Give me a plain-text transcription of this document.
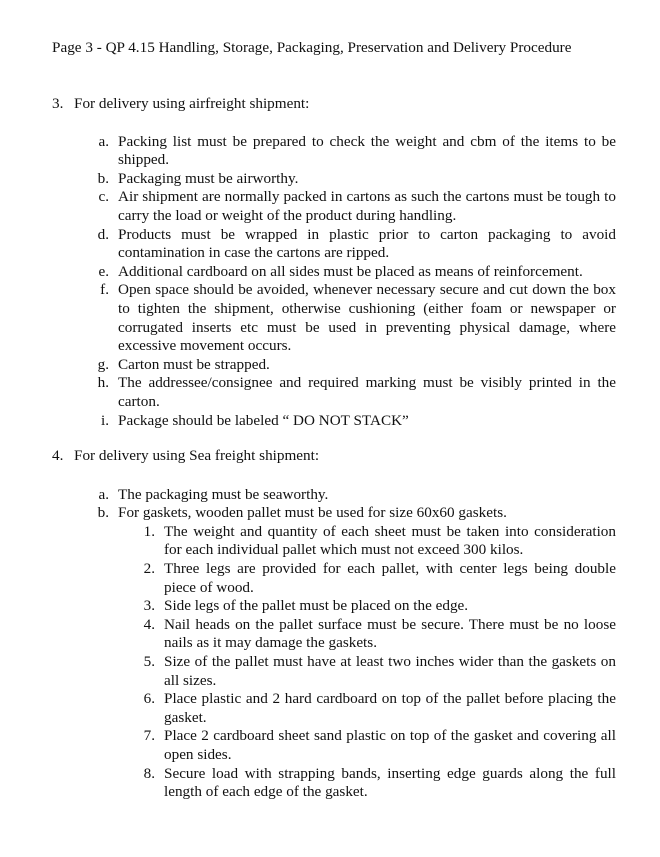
Page 3 - QP 4.15 Handling, Storage, Packaging, Preservation and Delivery Procedure
3. For delivery using airfreight shipment:
a. Packing list must be prepared to check the weight and cbm of the items to be shipped.
b. Packaging must be airworthy.
c. Air shipment are normally packed in cartons as such the cartons must be tough to carry the load or weight of the product during handling.
d. Products must be wrapped in plastic prior to carton packaging to avoid contamination in case the cartons are ripped.
e. Additional cardboard on all sides must be placed as means of reinforcement.
f. Open space should be avoided, whenever necessary secure and cut down the box to tighten the shipment, otherwise cushioning (either foam or newspaper or corrugated inserts etc must be used in preventing physical damage, where excessive movement occurs.
g. Carton must be strapped.
h. The addressee/consignee and required marking must be visibly printed in the carton.
i. Package should be labeled “ DO NOT STACK”
4. For delivery using Sea freight shipment:
a. The packaging must be seaworthy.
b. For gaskets, wooden pallet must be used for size 60x60 gaskets.
1. The weight and quantity of each sheet must be taken into consideration for each individual pallet which must not exceed 300 kilos.
2. Three legs are provided for each pallet, with center legs being double piece of wood.
3. Side legs of the pallet must be placed on the edge.
4. Nail heads on the pallet surface must be secure. There must be no loose nails as it may damage the gaskets.
5. Size of the pallet must have at least two inches wider than the gaskets on all sizes.
6. Place plastic and 2 hard cardboard on top of the pallet before placing the gasket.
7. Place 2 cardboard sheet sand plastic on top of the gasket and covering all open sides.
8. Secure load with strapping bands, inserting edge guards along the full length of each edge of the gasket.
